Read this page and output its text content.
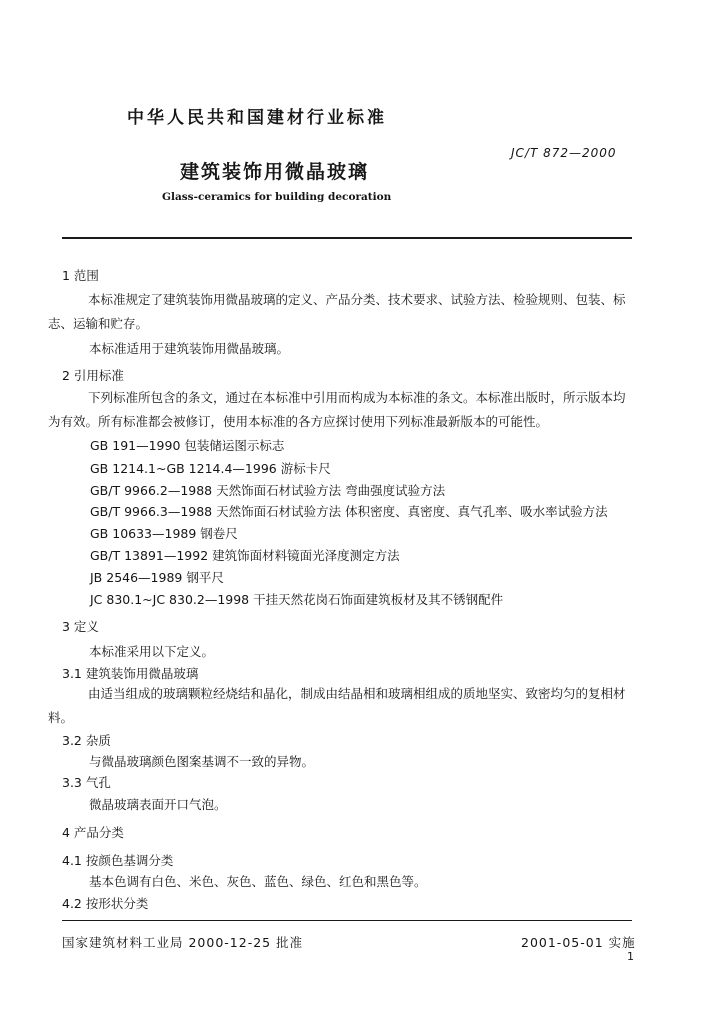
中华人民共和国建材行业标准
JC/T 872—2000
建筑装饰用微晶玻璃
Glass-ceramics for building decoration
1 范围
本标准规定了建筑装饰用微晶玻璃的定义、产品分类、技术要求、试验方法、检验规则、包装、标志、运输和贮存。
本标准适用于建筑装饰用微晶玻璃。
2 引用标准
下列标准所包含的条文，通过在本标准中引用而构成为本标准的条文。本标准出版时，所示版本均为有效。所有标准都会被修订，使用本标准的各方应探讨使用下列标准最新版本的可能性。
GB 191—1990 包装储运图示标志
GB 1214.1~GB 1214.4—1996 游标卡尺
GB/T 9966.2—1988 天然饰面石材试验方法 弯曲强度试验方法
GB/T 9966.3—1988 天然饰面石材试验方法 体积密度、真密度、真气孔率、吸水率试验方法
GB 10633—1989 钢卷尺
GB/T 13891—1992 建筑饰面材料镜面光泽度测定方法
JB 2546—1989 钢平尺
JC 830.1~JC 830.2—1998 干挂天然花岗石饰面建筑板材及其不锈钢配件
3 定义
本标准采用以下定义。
3.1 建筑装饰用微晶玻璃
由适当组成的玻璃颗粒经烧结和晶化，制成由结晶相和玻璃相组成的质地坚实、致密均匀的复相材料。
3.2 杂质
与微晶玻璃颜色图案基调不一致的异物。
3.3 气孔
微晶玻璃表面开口气泡。
4 产品分类
4.1 按颜色基调分类
基本色调有白色、米色、灰色、蓝色、绿色、红色和黑色等。
4.2 按形状分类
国家建筑材料工业局 2000-12-25 批准	2001-05-01 实施
1
